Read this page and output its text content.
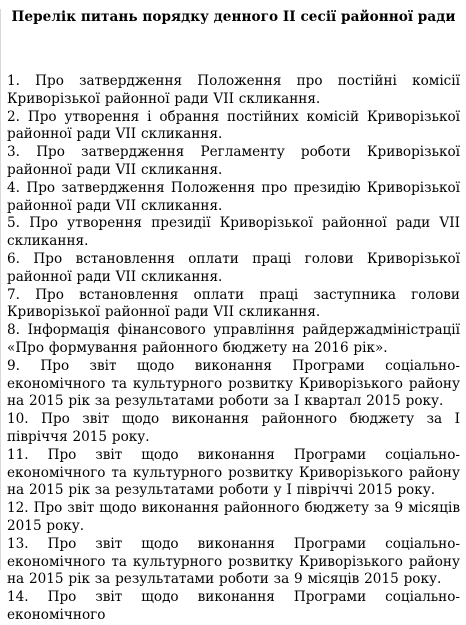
Перелік питань порядку денного ІІ сесії районної ради
1. Про затвердження Положення про постійні комісії Криворізької районної ради VII скликання.
2. Про утворення і обрання постійних комісій Криворізької районної ради VII скликання.
3. Про затвердження Регламенту роботи Криворізької районної ради VII скликання.
4. Про затвердження Положення про президію Криворізької районної ради VII скликання.
5. Про утворення президії Криворізької районної ради VII скликання.
6. Про встановлення оплати праці голови Криворізької районної ради VII скликання.
7. Про встановлення оплати праці заступника голови Криворізької районної ради VII скликання.
8. Інформація фінансового управління райдержадміністрації «Про формування районного бюджету на 2016 рік».
9. Про звіт щодо виконання Програми соціально-економічного та культурного розвитку Криворізького району на 2015 рік за результатами роботи за І квартал 2015 року.
10. Про звіт щодо виконання районного бюджету за І півріччя 2015 року.
11. Про звіт щодо виконання Програми соціально-економічного та культурного розвитку Криворізького району на 2015 рік за результатами роботи у І півріччі 2015 року.
12. Про звіт щодо виконання районного бюджету за 9 місяців 2015 року.
13. Про звіт щодо виконання Програми соціально-економічного та культурного розвитку Криворізького району на 2015 рік за результатами роботи за 9 місяців 2015 року.
14. Про звіт щодо виконання Програми соціально-економічного
